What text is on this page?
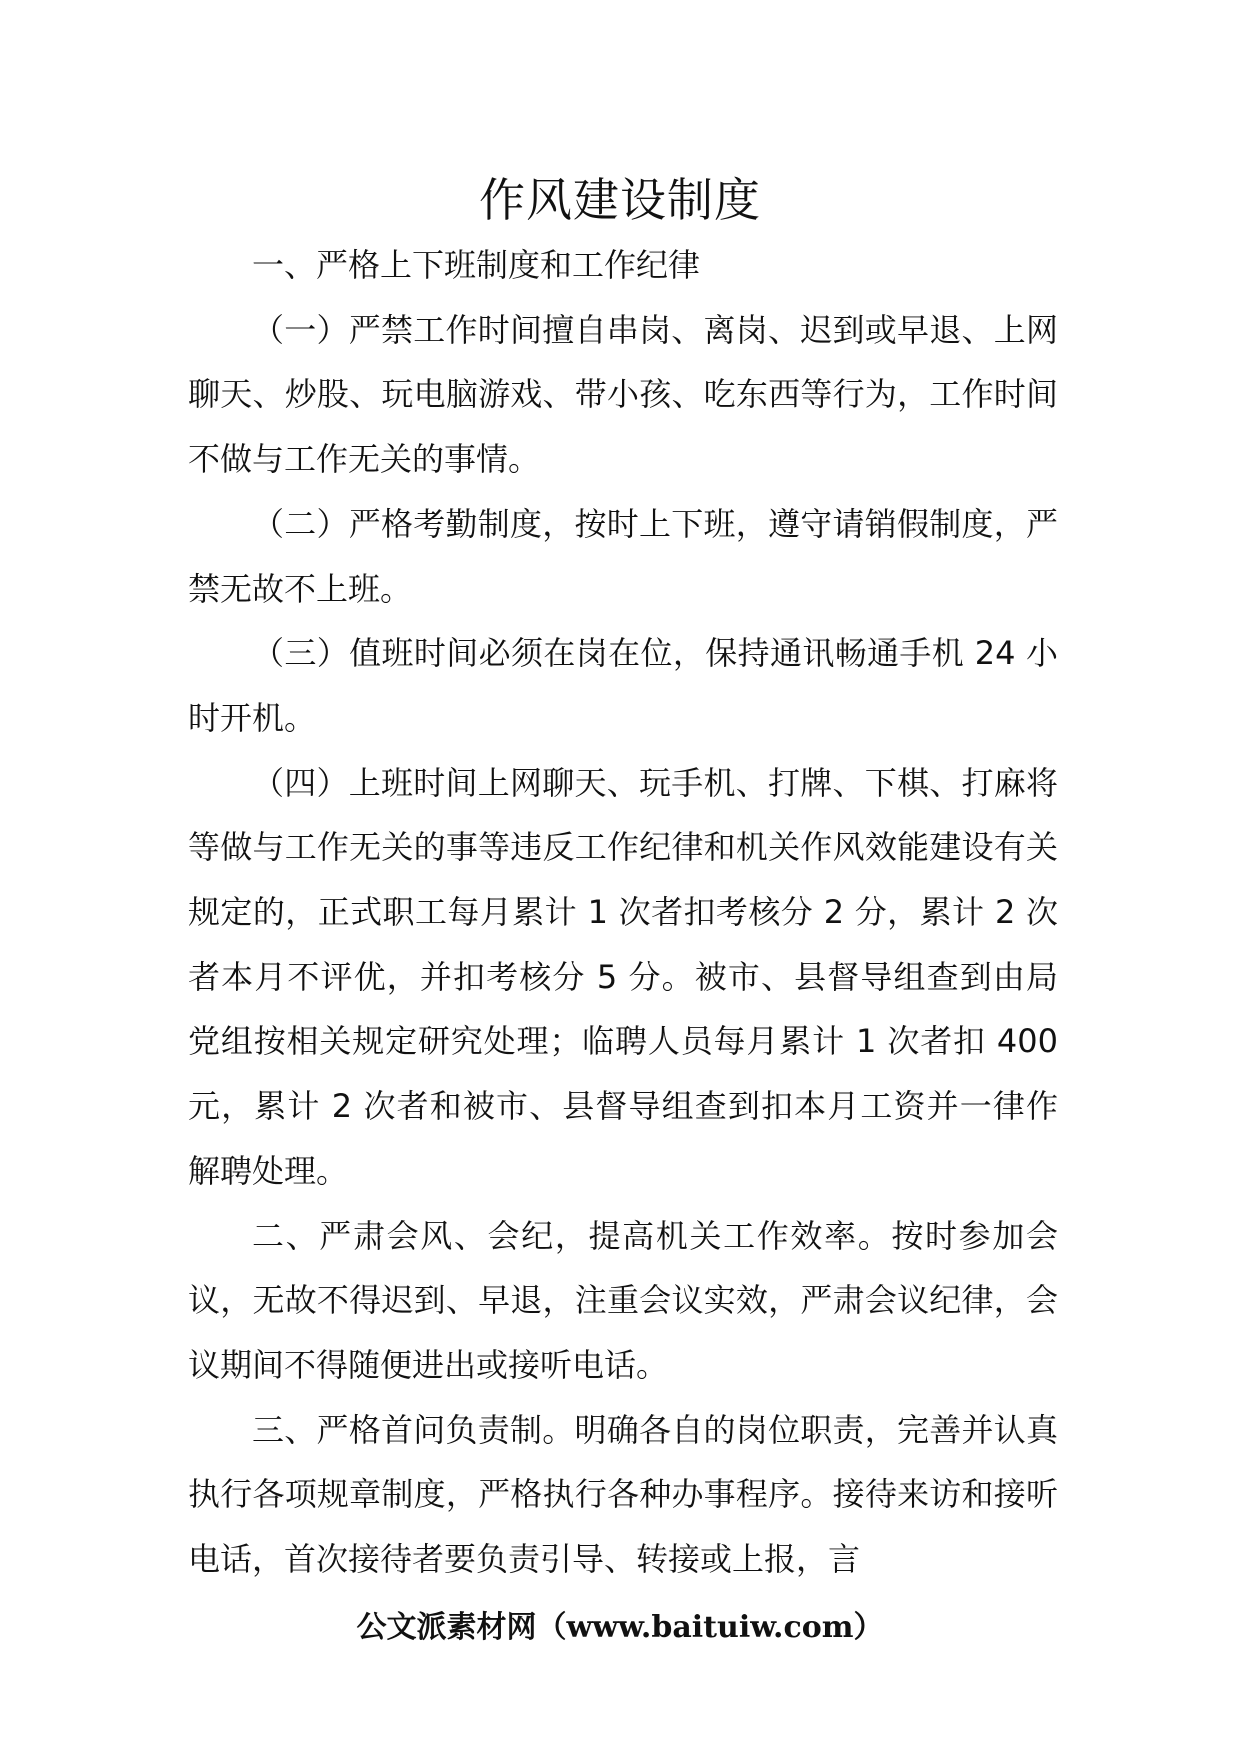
作风建设制度

一、严格上下班制度和工作纪律

（一）严禁工作时间擅自串岗、离岗、迟到或早退、上网聊天、炒股、玩电脑游戏、带小孩、吃东西等行为，工作时间不做与工作无关的事情。

（二）严格考勤制度，按时上下班，遵守请销假制度，严禁无故不上班。

（三）值班时间必须在岗在位，保持通讯畅通手机 24 小时开机。

（四）上班时间上网聊天、玩手机、打牌、下棋、打麻将等做与工作无关的事等违反工作纪律和机关作风效能建设有关规定的，正式职工每月累计 1 次者扣考核分 2 分，累计 2 次者本月不评优，并扣考核分 5 分。被市、县督导组查到由局党组按相关规定研究处理；临聘人员每月累计 1 次者扣 400 元，累计 2 次者和被市、县督导组查到扣本月工资并一律作解聘处理。

二、严肃会风、会纪，提高机关工作效率。按时参加会议，无故不得迟到、早退，注重会议实效，严肃会议纪律，会议期间不得随便进出或接听电话。

三、严格首问负责制。明确各自的岗位职责，完善并认真执行各项规章制度，严格执行各种办事程序。接待来访和接听电话，首次接待者要负责引导、转接或上报，言

公文派素材网（www.baituiw.com）
